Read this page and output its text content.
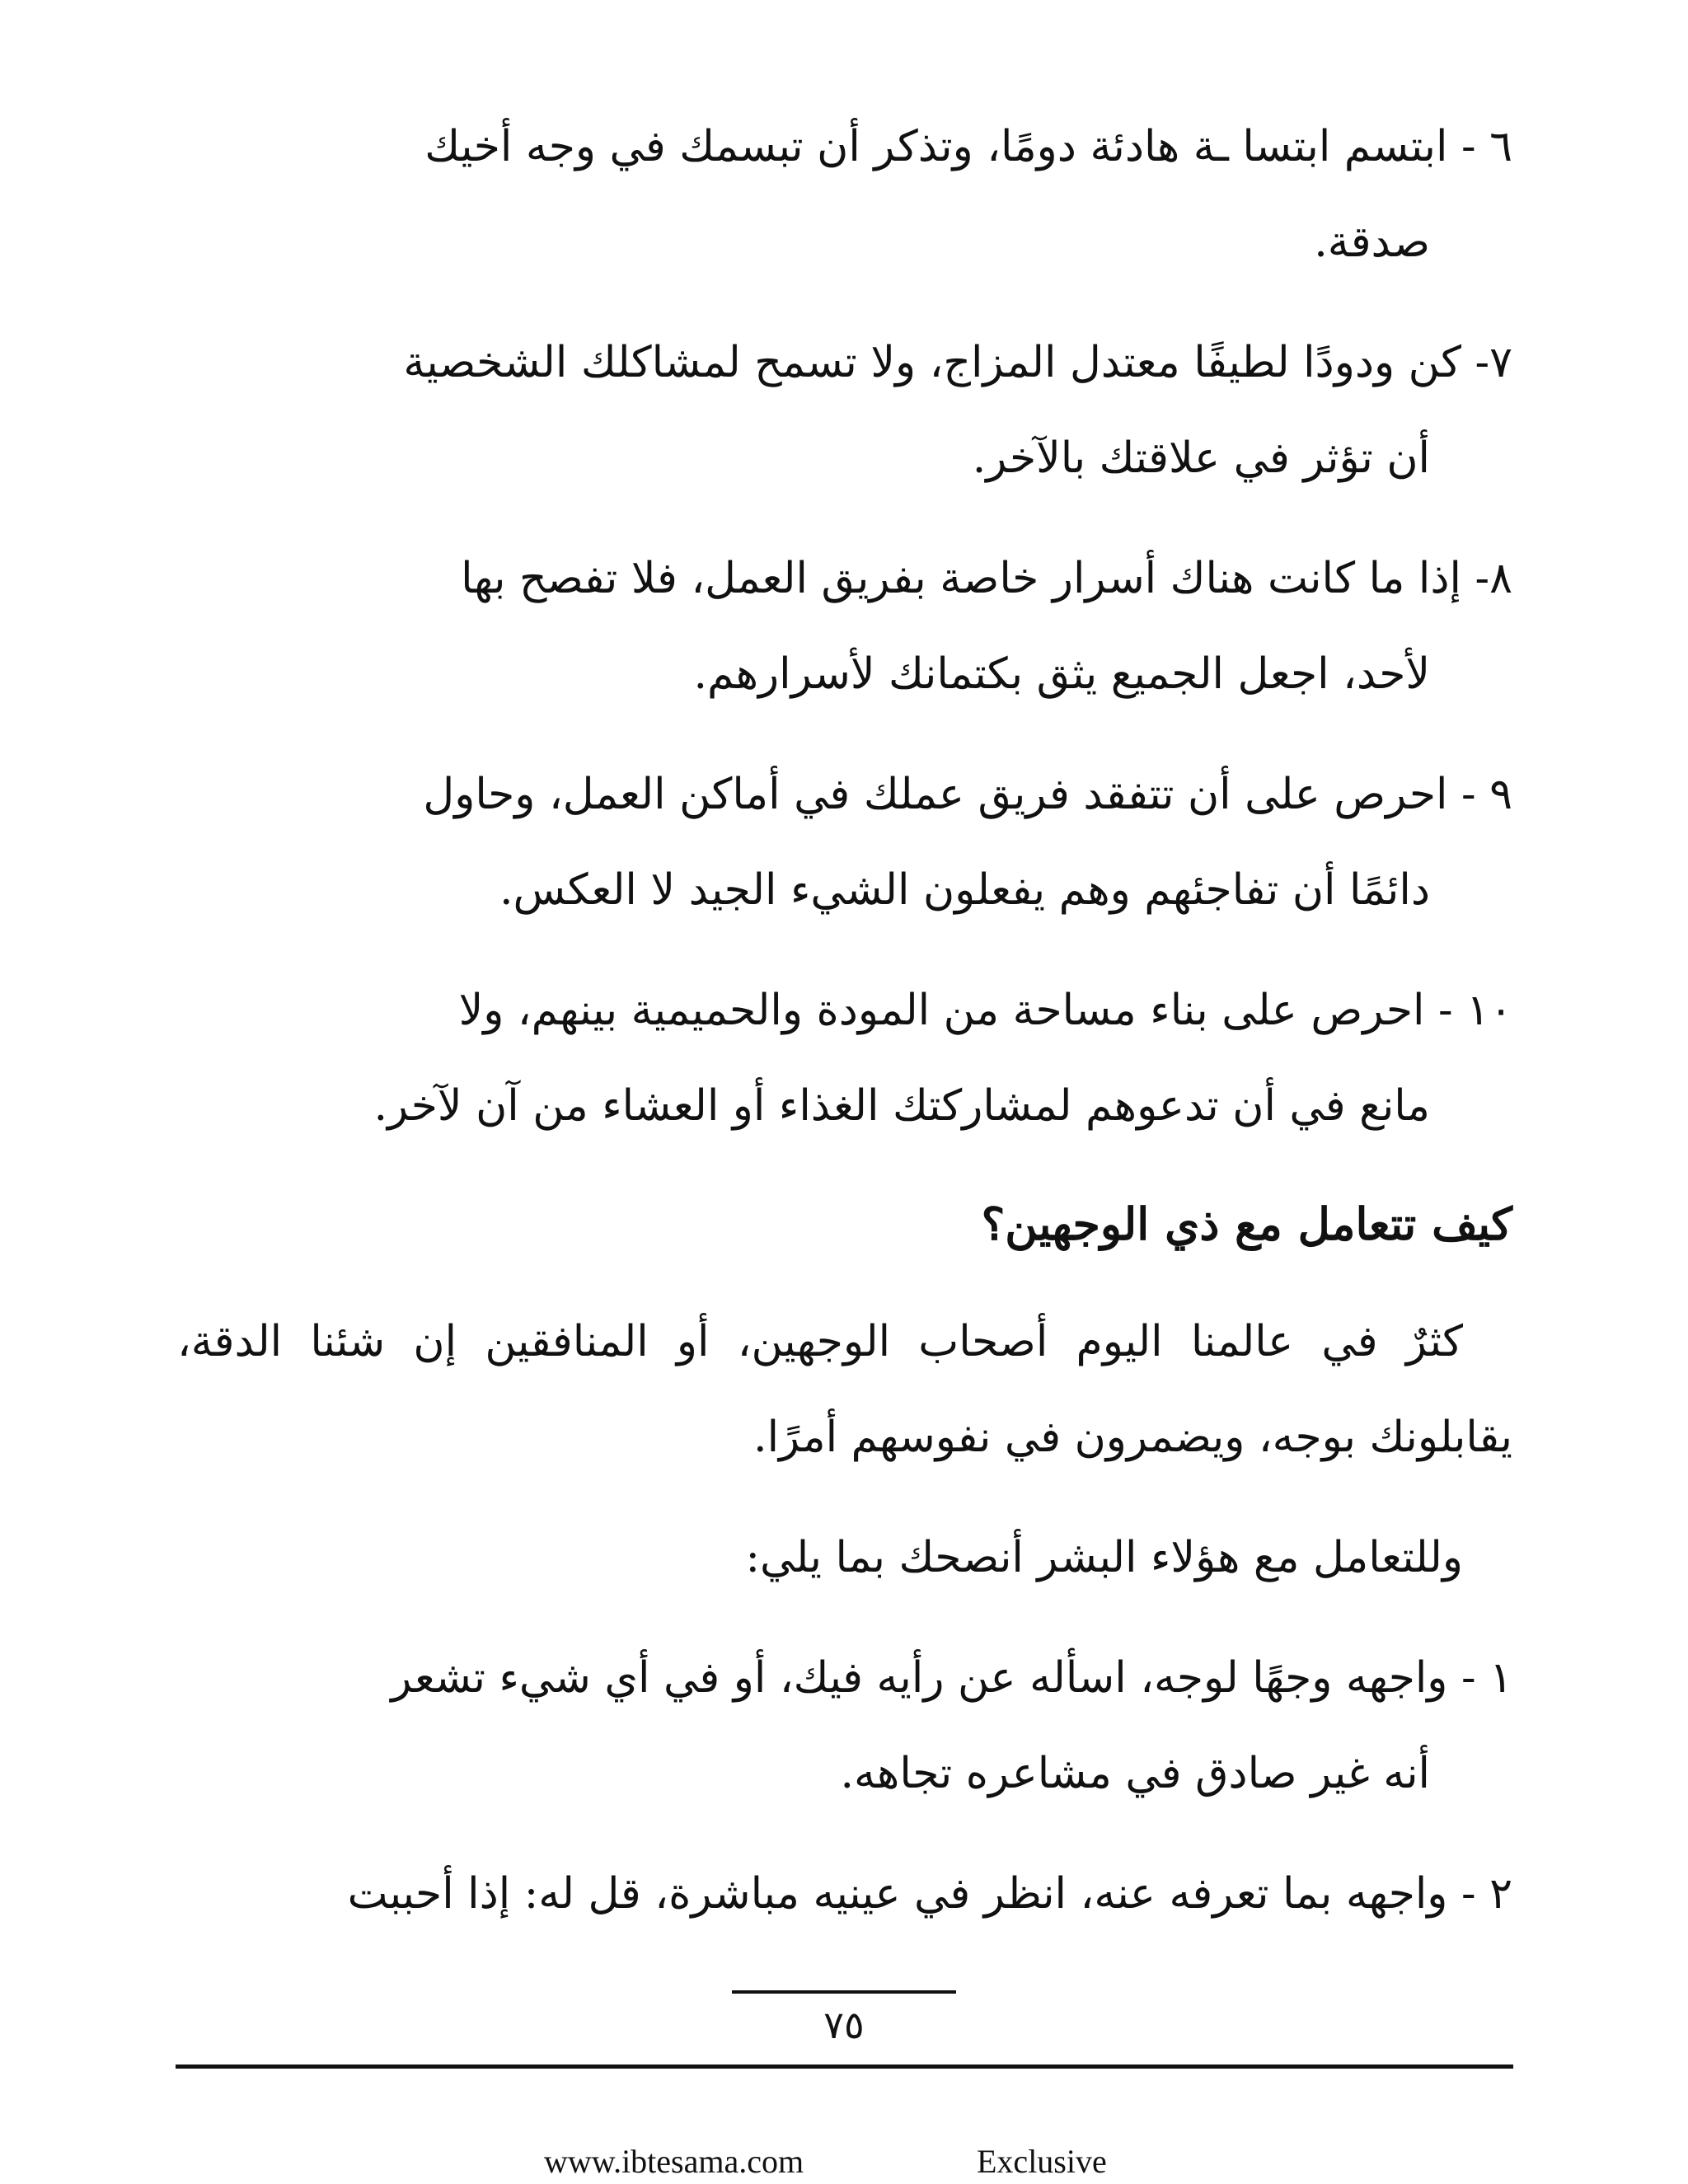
٦ - ابتسم ابتسا ـة هادئة دومًا، وتذكر أن تبسمك في وجه أخيك
صدقة.
٧- كن ودودًا لطيفًا معتدل المزاج، ولا تسمح لمشاكلك الشخصية
أن تؤثر في علاقتك بالآخر.
٨- إذا ما كانت هناك أسرار خاصة بفريق العمل، فلا تفصح بها
لأحد، اجعل الجميع يثق بكتمانك لأسرارهم.
٩ - احرص على أن تتفقد فريق عملك في أماكن العمل، وحاول
دائمًا أن تفاجئهم وهم يفعلون الشيء الجيد لا العكس.
١٠ - احرص على بناء مساحة من المودة والحميمية بينهم، ولا
مانع في أن تدعوهم لمشاركتك الغذاء أو العشاء من آن لآخر.
كيف تتعامل مع ذي الوجهين؟
كثرٌ في عالمنا اليوم أصحاب الوجهين، أو المنافقين إن شئنا الدقة، يقابلونك بوجه، ويضمرون في نفوسهم أمرًا.
وللتعامل مع هؤلاء البشر أنصحك بما يلي:
١ - واجهه وجهًا لوجه، اسأله عن رأيه فيك، أو في أي شيء تشعر
أنه غير صادق في مشاعره تجاهه.
٢ - واجهه بما تعرفه عنه، انظر في عينيه مباشرة، قل له: إذا أحببت
٧٥
www.ibtesama.com	Exclusive
